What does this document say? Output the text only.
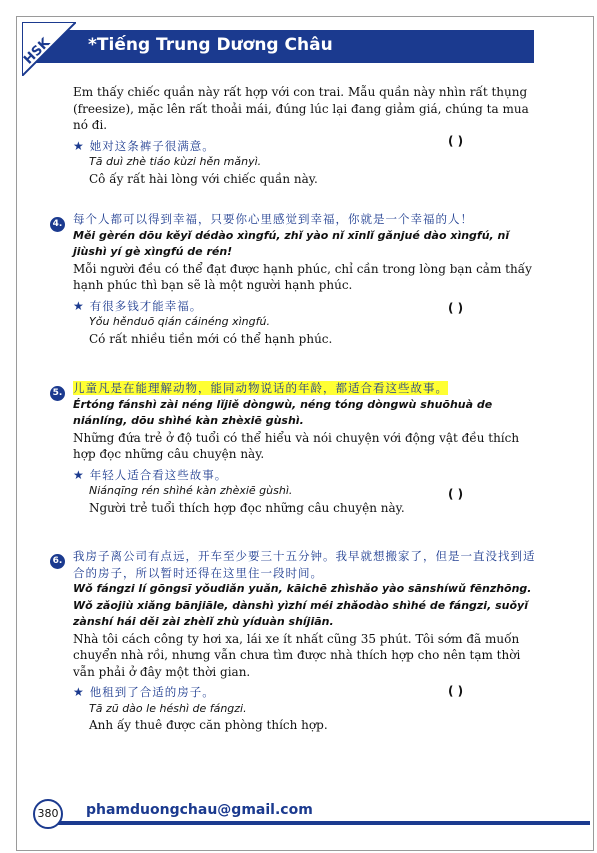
HSK *Tiếng Trung Dương Châu
Em thấy chiếc quần này rất hợp với con trai. Mẫu quần này nhìn rất thụng (freesize), mặc lên rất thoải mái, đúng lúc lại đang giảm giá, chúng ta mua nó đi.
★ 她对这条裤子很满意。
Tā duì zhè tiáo kùzi hěn mǎnyì.
Cô ấy rất hài lòng với chiếc quần này.
( )
4. 每个人都可以得到幸福，只要你心里感觉到幸福，你就是一个幸福的人！
Měi gèrén dōu kěyǐ dédào xìngfú, zhǐ yào nǐ xīnlǐ gǎnjué dào xìngfú, nǐ jiùshì yí gè xìngfú de rén!
Mỗi người đều có thể đạt được hạnh phúc, chỉ cần trong lòng bạn cảm thấy hạnh phúc thì bạn sẽ là một người hạnh phúc.
★ 有很多钱才能幸福。
Yǒu hěnduō qián cáinéng xìngfú.
Có rất nhiều tiền mới có thể hạnh phúc.
( )
5. 儿童凡是在能理解动物，能同动物说话的年龄，都适合看这些故事。
Értóng fánshì zài néng lǐjiě dòngwù, néng tóng dòngwù shuōhuà de niánlíng, dōu shìhé kàn zhèxiē gùshì.
Những đứa trẻ ở độ tuổi có thể hiểu và nói chuyện với động vật đều thích hợp đọc những câu chuyện này.
★ 年轻人适合看这些故事。
Niánqīng rén shìhé kàn zhèxiē gùshì.
Người trẻ tuổi thích hợp đọc những câu chuyện này.
( )
6. 我房子离公司有点远，开车至少要三十五分钟。我早就想搬家了，但是一直没找到适合的房子，所以暂时还得在这里住一段时间。
Wǒ fángzi lí gōngsī yǒudiǎn yuǎn, kāichē zhìshǎo yào sānshíwǔ fēnzhōng. Wǒ zǎojiù xiǎng bānjiāle, dànshì yìzhí méi zhǎodào shìhé de fángzi, suǒyǐ zànshí hái děi zài zhèlǐ zhù yíduàn shíjiān.
Nhà tôi cách công ty hơi xa, lái xe ít nhất cũng 35 phút. Tôi sớm đã muốn chuyển nhà rồi, nhưng vẫn chưa tìm được nhà thích hợp cho nên tạm thời vẫn phải ở đây một thời gian.
★ 他租到了合适的房子。
Tā zū dào le héshì de fángzi.
Anh ấy thuê được căn phòng thích hợp.
( )
380	phamduongchau@gmail.com
